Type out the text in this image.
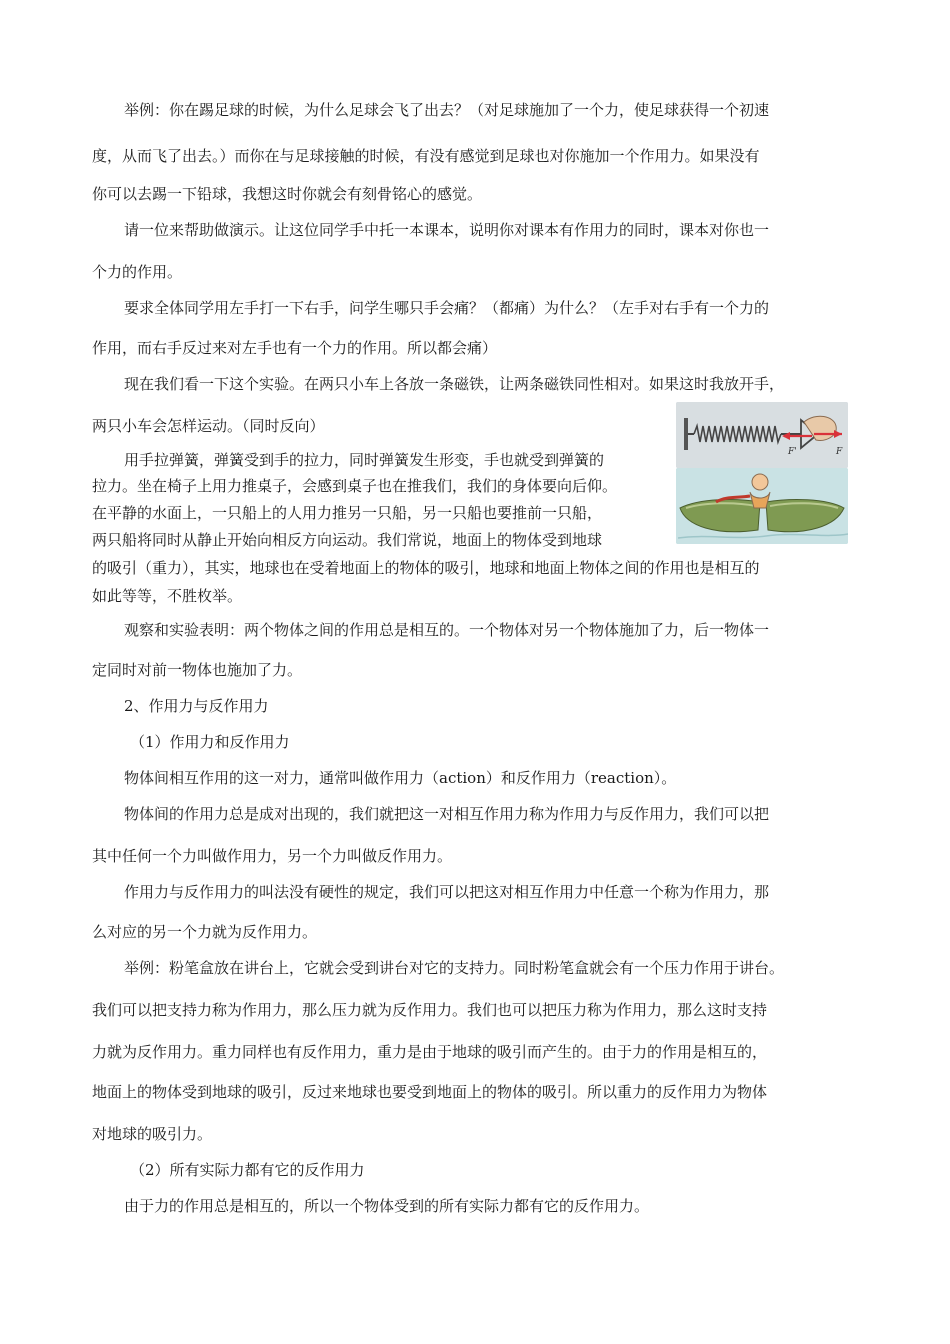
举例：你在踢足球的时候，为什么足球会飞了出去？（对足球施加了一个力，使足球获得一个初速
度，从而飞了出去。）而你在与足球接触的时候，有没有感觉到足球也对你施加一个作用力。如果没有
你可以去踢一下铅球，我想这时你就会有刻骨铭心的感觉。
请一位来帮助做演示。让这位同学手中托一本课本，说明你对课本有作用力的同时，课本对你也一
个力的作用。
要求全体同学用左手打一下右手，问学生哪只手会痛？（都痛）为什么？（左手对右手有一个力的
作用，而右手反过来对左手也有一个力的作用。所以都会痛）
现在我们看一下这个实验。在两只小车上各放一条磁铁，让两条磁铁同性相对。如果这时我放开手，
两只小车会怎样运动。（同时反向）
F'	F
用手拉弹簧，弹簧受到手的拉力，同时弹簧发生形变，手也就受到弹簧的
拉力。坐在椅子上用力推桌子，会感到桌子也在推我们，我们的身体要向后仰。
在平静的水面上，一只船上的人用力推另一只船，另一只船也要推前一只船，
两只船将同时从静止开始向相反方向运动。我们常说，地面上的物体受到地球
的吸引（重力），其实，地球也在受着地面上的物体的吸引，地球和地面上物体之间的作用也是相互的
如此等等，不胜枚举。
观察和实验表明：两个物体之间的作用总是相互的。一个物体对另一个物体施加了力，后一物体一
定同时对前一物体也施加了力。
2、作用力与反作用力
（1）作用力和反作用力
物体间相互作用的这一对力，通常叫做作用力（action）和反作用力（reaction）。
物体间的作用力总是成对出现的，我们就把这一对相互作用力称为作用力与反作用力，我们可以把
其中任何一个力叫做作用力，另一个力叫做反作用力。
作用力与反作用力的叫法没有硬性的规定，我们可以把这对相互作用力中任意一个称为作用力，那
么对应的另一个力就为反作用力。
举例：粉笔盒放在讲台上，它就会受到讲台对它的支持力。同时粉笔盒就会有一个压力作用于讲台。
我们可以把支持力称为作用力，那么压力就为反作用力。我们也可以把压力称为作用力，那么这时支持
力就为反作用力。重力同样也有反作用力，重力是由于地球的吸引而产生的。由于力的作用是相互的，
地面上的物体受到地球的吸引，反过来地球也要受到地面上的物体的吸引。所以重力的反作用力为物体
对地球的吸引力。
（2）所有实际力都有它的反作用力
由于力的作用总是相互的，所以一个物体受到的所有实际力都有它的反作用力。
